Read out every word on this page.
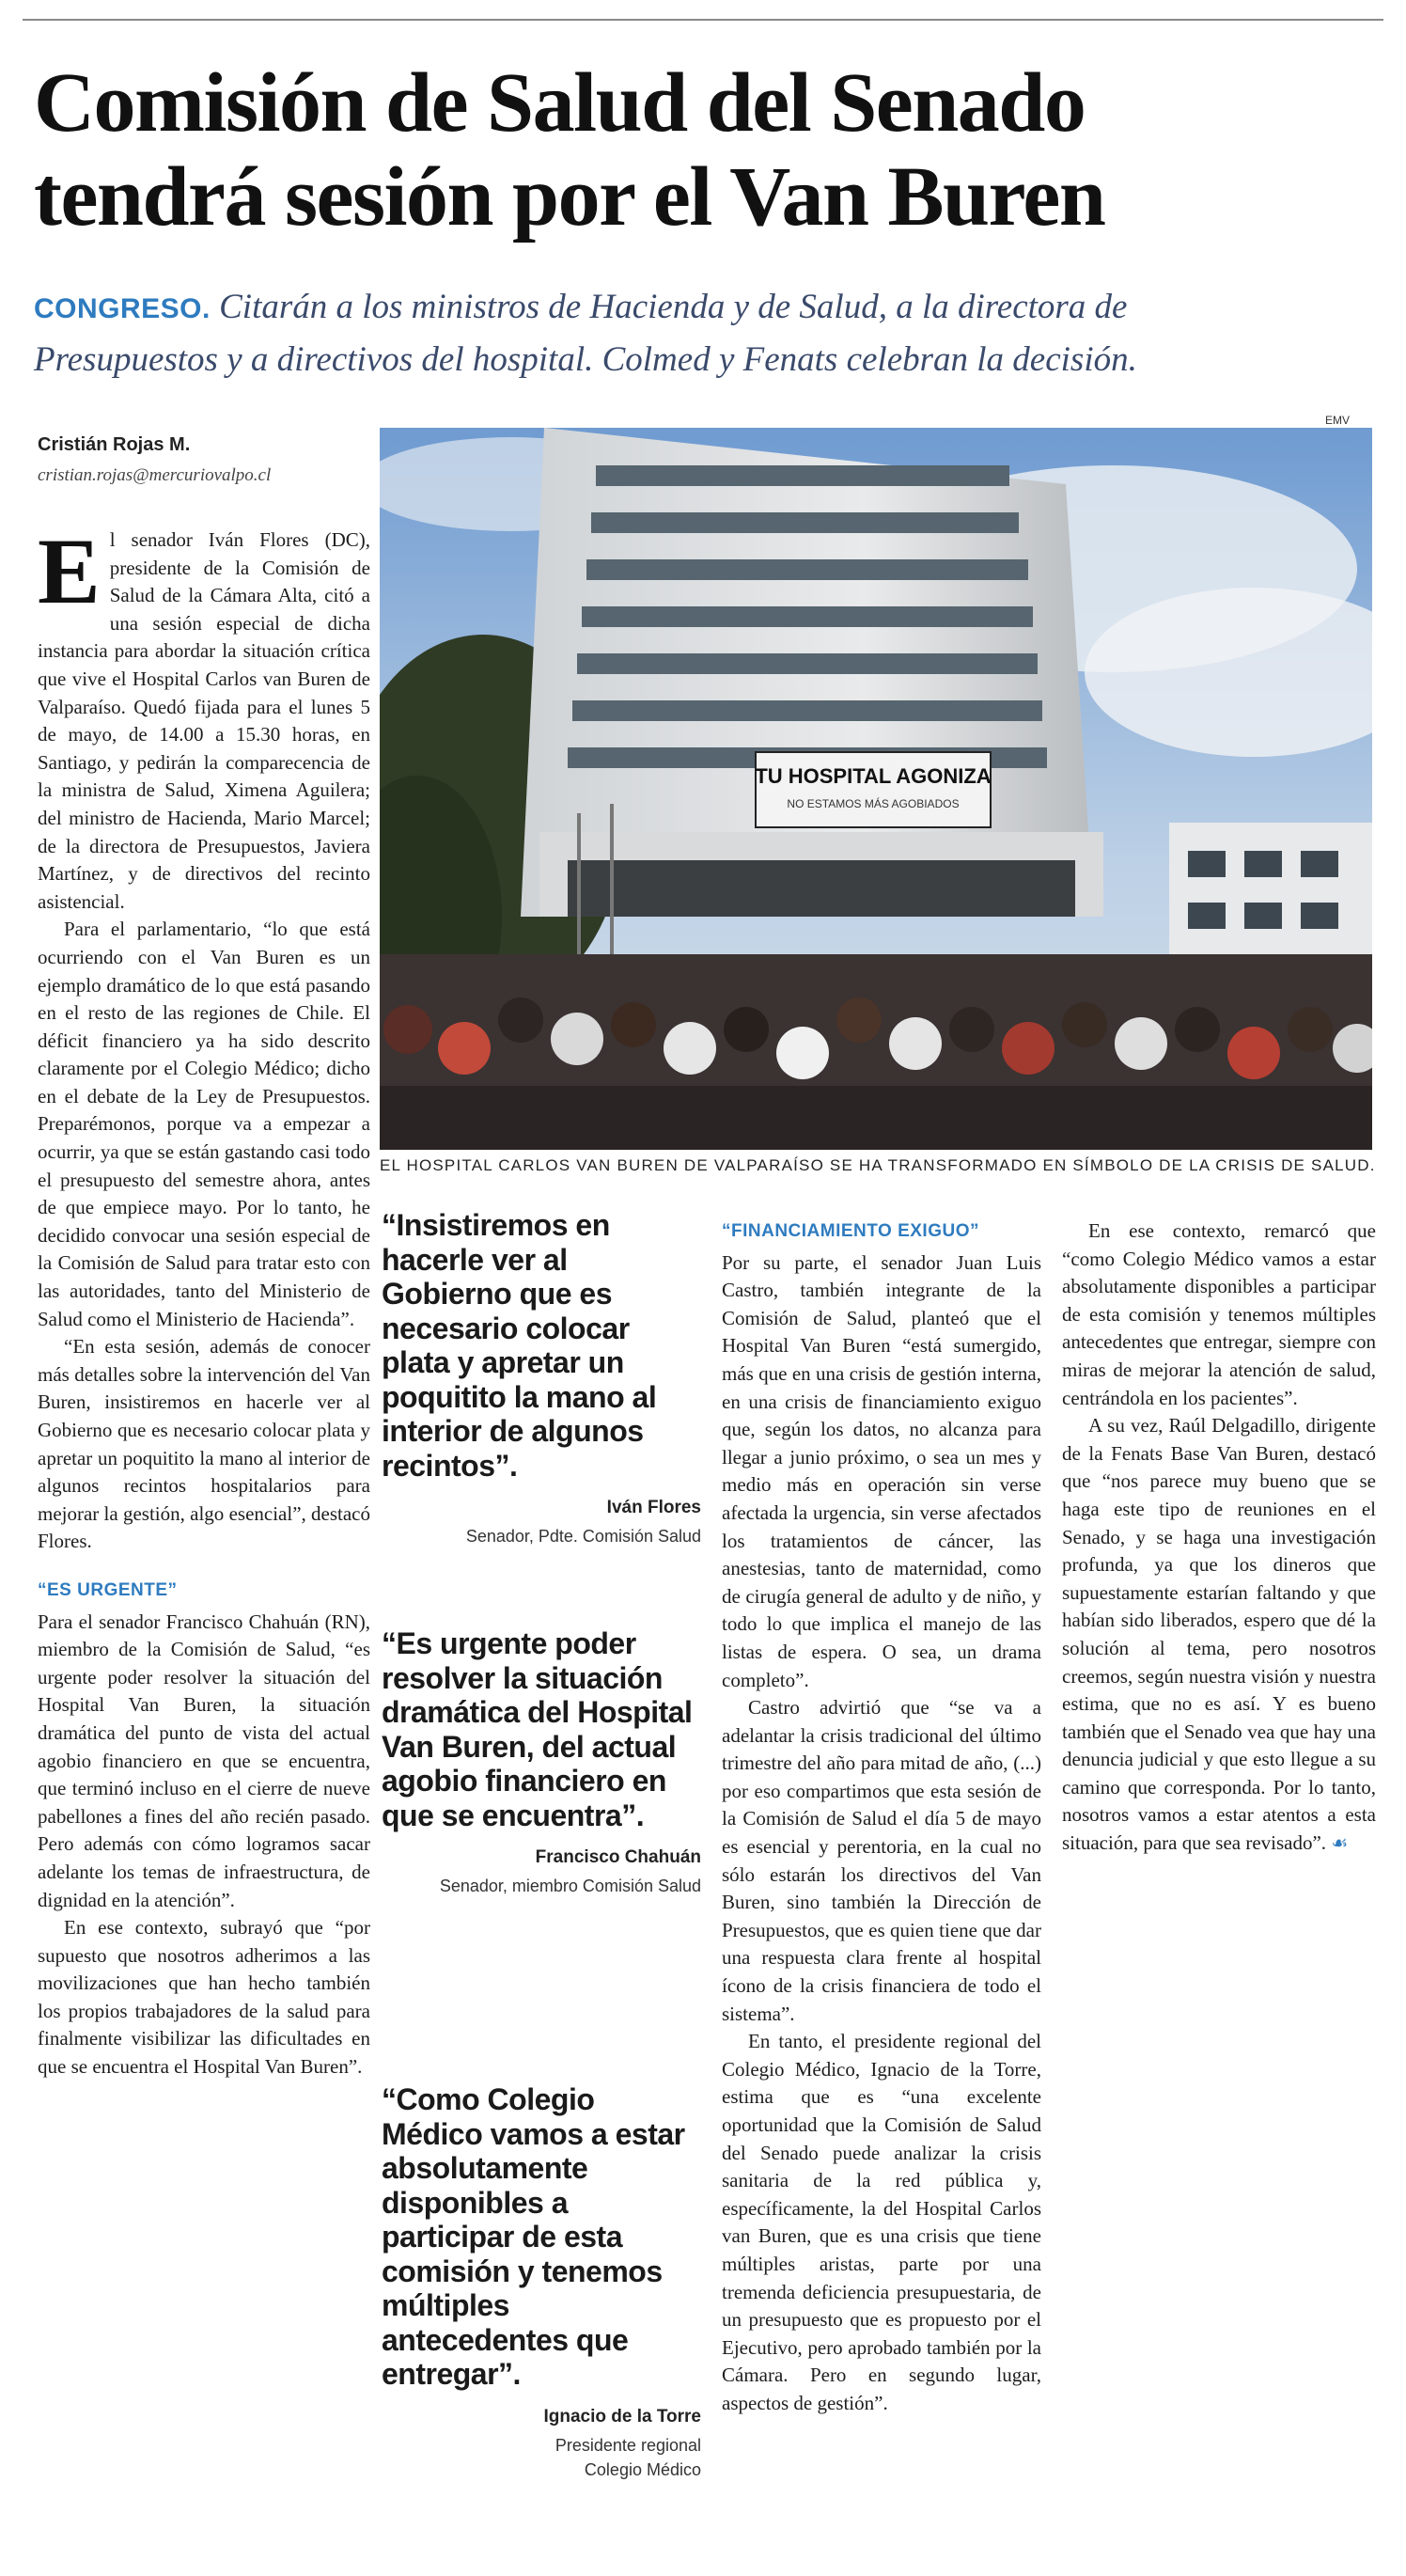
Comisión de Salud del Senado
tendrá sesión por el Van Buren
CONGRESO. Citarán a los ministros de Hacienda y de Salud, a la directora de
Presupuestos y a directivos del hospital. Colmed y Fenats celebran la decisión.
Cristián Rojas M.
cristian.rojas@mercuriovalpo.cl
EMV
TU HOSPITAL AGONIZA
NO ESTAMOS MÁS AGOBIADOS
EL HOSPITAL CARLOS VAN BUREN DE VALPARAÍSO SE HA TRANSFORMADO EN SÍMBOLO DE LA CRISIS DE SALUD.

El senador Iván Flores (DC), presidente de la Comisión de Salud de la Cámara Alta, citó a una sesión especial de dicha instancia para abordar la situación crítica que vive el Hospital Carlos van Buren de Valparaíso. Quedó fijada para el lunes 5 de mayo, de 14.00 a 15.30 horas, en Santiago, y pedirán la comparecencia de la ministra de Salud, Ximena Aguilera; del ministro de Hacienda, Mario Marcel; de la directora de Presupuestos, Javiera Martínez, y de directivos del recinto asistencial.

Para el parlamentario, “lo que está ocurriendo con el Van Buren es un ejemplo dramático de lo que está pasando en el resto de las regiones de Chile. El déficit financiero ya ha sido descrito claramente por el Colegio Médico; dicho en el debate de la Ley de Presupuestos. Preparémonos, porque va a empezar a ocurrir, ya que se están gastando casi todo el presupuesto del semestre ahora, antes de que empiece mayo. Por lo tanto, he decidido convocar una sesión especial de la Comisión de Salud para tratar esto con las autoridades, tanto del Ministerio de Salud como el Ministerio de Hacienda”.

“En esta sesión, además de conocer más detalles sobre la intervención del Van Buren, insistiremos en hacerle ver al Gobierno que es necesario colocar plata y apretar un poquitito la mano al interior de algunos recintos hospitalarios para mejorar la gestión, algo esencial”, destacó Flores.

“ES URGENTE”

Para el senador Francisco Chahuán (RN), miembro de la Comisión de Salud, “es urgente poder resolver la situación del Hospital Van Buren, la situación dramática del punto de vista del actual agobio financiero en que se encuentra, que terminó incluso en el cierre de nueve pabellones a fines del año recién pasado. Pero además con cómo logramos sacar adelante los temas de infraestructura, de dignidad en la atención”.

En ese contexto, subrayó que “por supuesto que nosotros adherimos a las movilizaciones que han hecho también los propios trabajadores de la salud para finalmente visibilizar las dificultades en que se encuentra el Hospital Van Buren”.

“Insistiremos en hacerle ver al Gobierno que es necesario colocar plata y apretar un poquitito la mano al interior de algunos recintos”.
Iván Flores
Senador, Pdte. Comisión Salud
“Es urgente poder resolver la situación dramática del Hospital Van Buren, del actual agobio financiero en que se encuentra”.
Francisco Chahuán
Senador, miembro Comisión Salud
“Como Colegio Médico vamos a estar absolutamente disponibles a participar de esta comisión y tenemos múltiples antecedentes que entregar”.
Ignacio de la Torre
Presidente regional
Colegio Médico
“FINANCIAMIENTO EXIGUO”

Por su parte, el senador Juan Luis Castro, también integrante de la Comisión de Salud, planteó que el Hospital Van Buren “está sumergido, más que en una crisis de gestión interna, en una crisis de financiamiento exiguo que, según los datos, no alcanza para llegar a junio próximo, o sea un mes y medio más en operación sin verse afectada la urgencia, sin verse afectados los tratamientos de cáncer, las anestesias, tanto de maternidad, como de cirugía general de adulto y de niño, y todo lo que implica el manejo de las listas de espera. O sea, un drama completo”.

Castro advirtió que “se va a adelantar la crisis tradicional del último trimestre del año para mitad de año, (...) por eso compartimos que esta sesión de la Comisión de Salud el día 5 de mayo es esencial y perentoria, en la cual no sólo estarán los directivos del Van Buren, sino también la Dirección de Presupuestos, que es quien tiene que dar una respuesta clara frente al hospital ícono de la crisis financiera de todo el sistema”.

En tanto, el presidente regional del Colegio Médico, Ignacio de la Torre, estima que es “una excelente oportunidad que la Comisión de Salud del Senado puede analizar la crisis sanitaria de la red pública y, específicamente, la del Hospital Carlos van Buren, que es una crisis que tiene múltiples aristas, parte por una tremenda deficiencia presupuestaria, de un presupuesto que es propuesto por el Ejecutivo, pero aprobado también por la Cámara. Pero en segundo lugar, aspectos de gestión”.

En ese contexto, remarcó que “como Colegio Médico vamos a estar absolutamente disponibles a participar de esta comisión y tenemos múltiples antecedentes que entregar, siempre con miras de mejorar la atención de salud, centrándola en los pacientes”.

A su vez, Raúl Delgadillo, dirigente de la Fenats Base Van Buren, destacó que “nos parece muy bueno que se haga este tipo de reuniones en el Senado, y se haga una investigación profunda, ya que los dineros que supuestamente estarían faltando y que habían sido liberados, espero que dé la solución al tema, pero nosotros creemos, según nuestra visión y nuestra estima, que no es así. Y es bueno también que el Senado vea que hay una denuncia judicial y que esto llegue a su camino que corresponda. Por lo tanto, nosotros vamos a estar atentos a esta situación, para que sea revisado”. ☙
